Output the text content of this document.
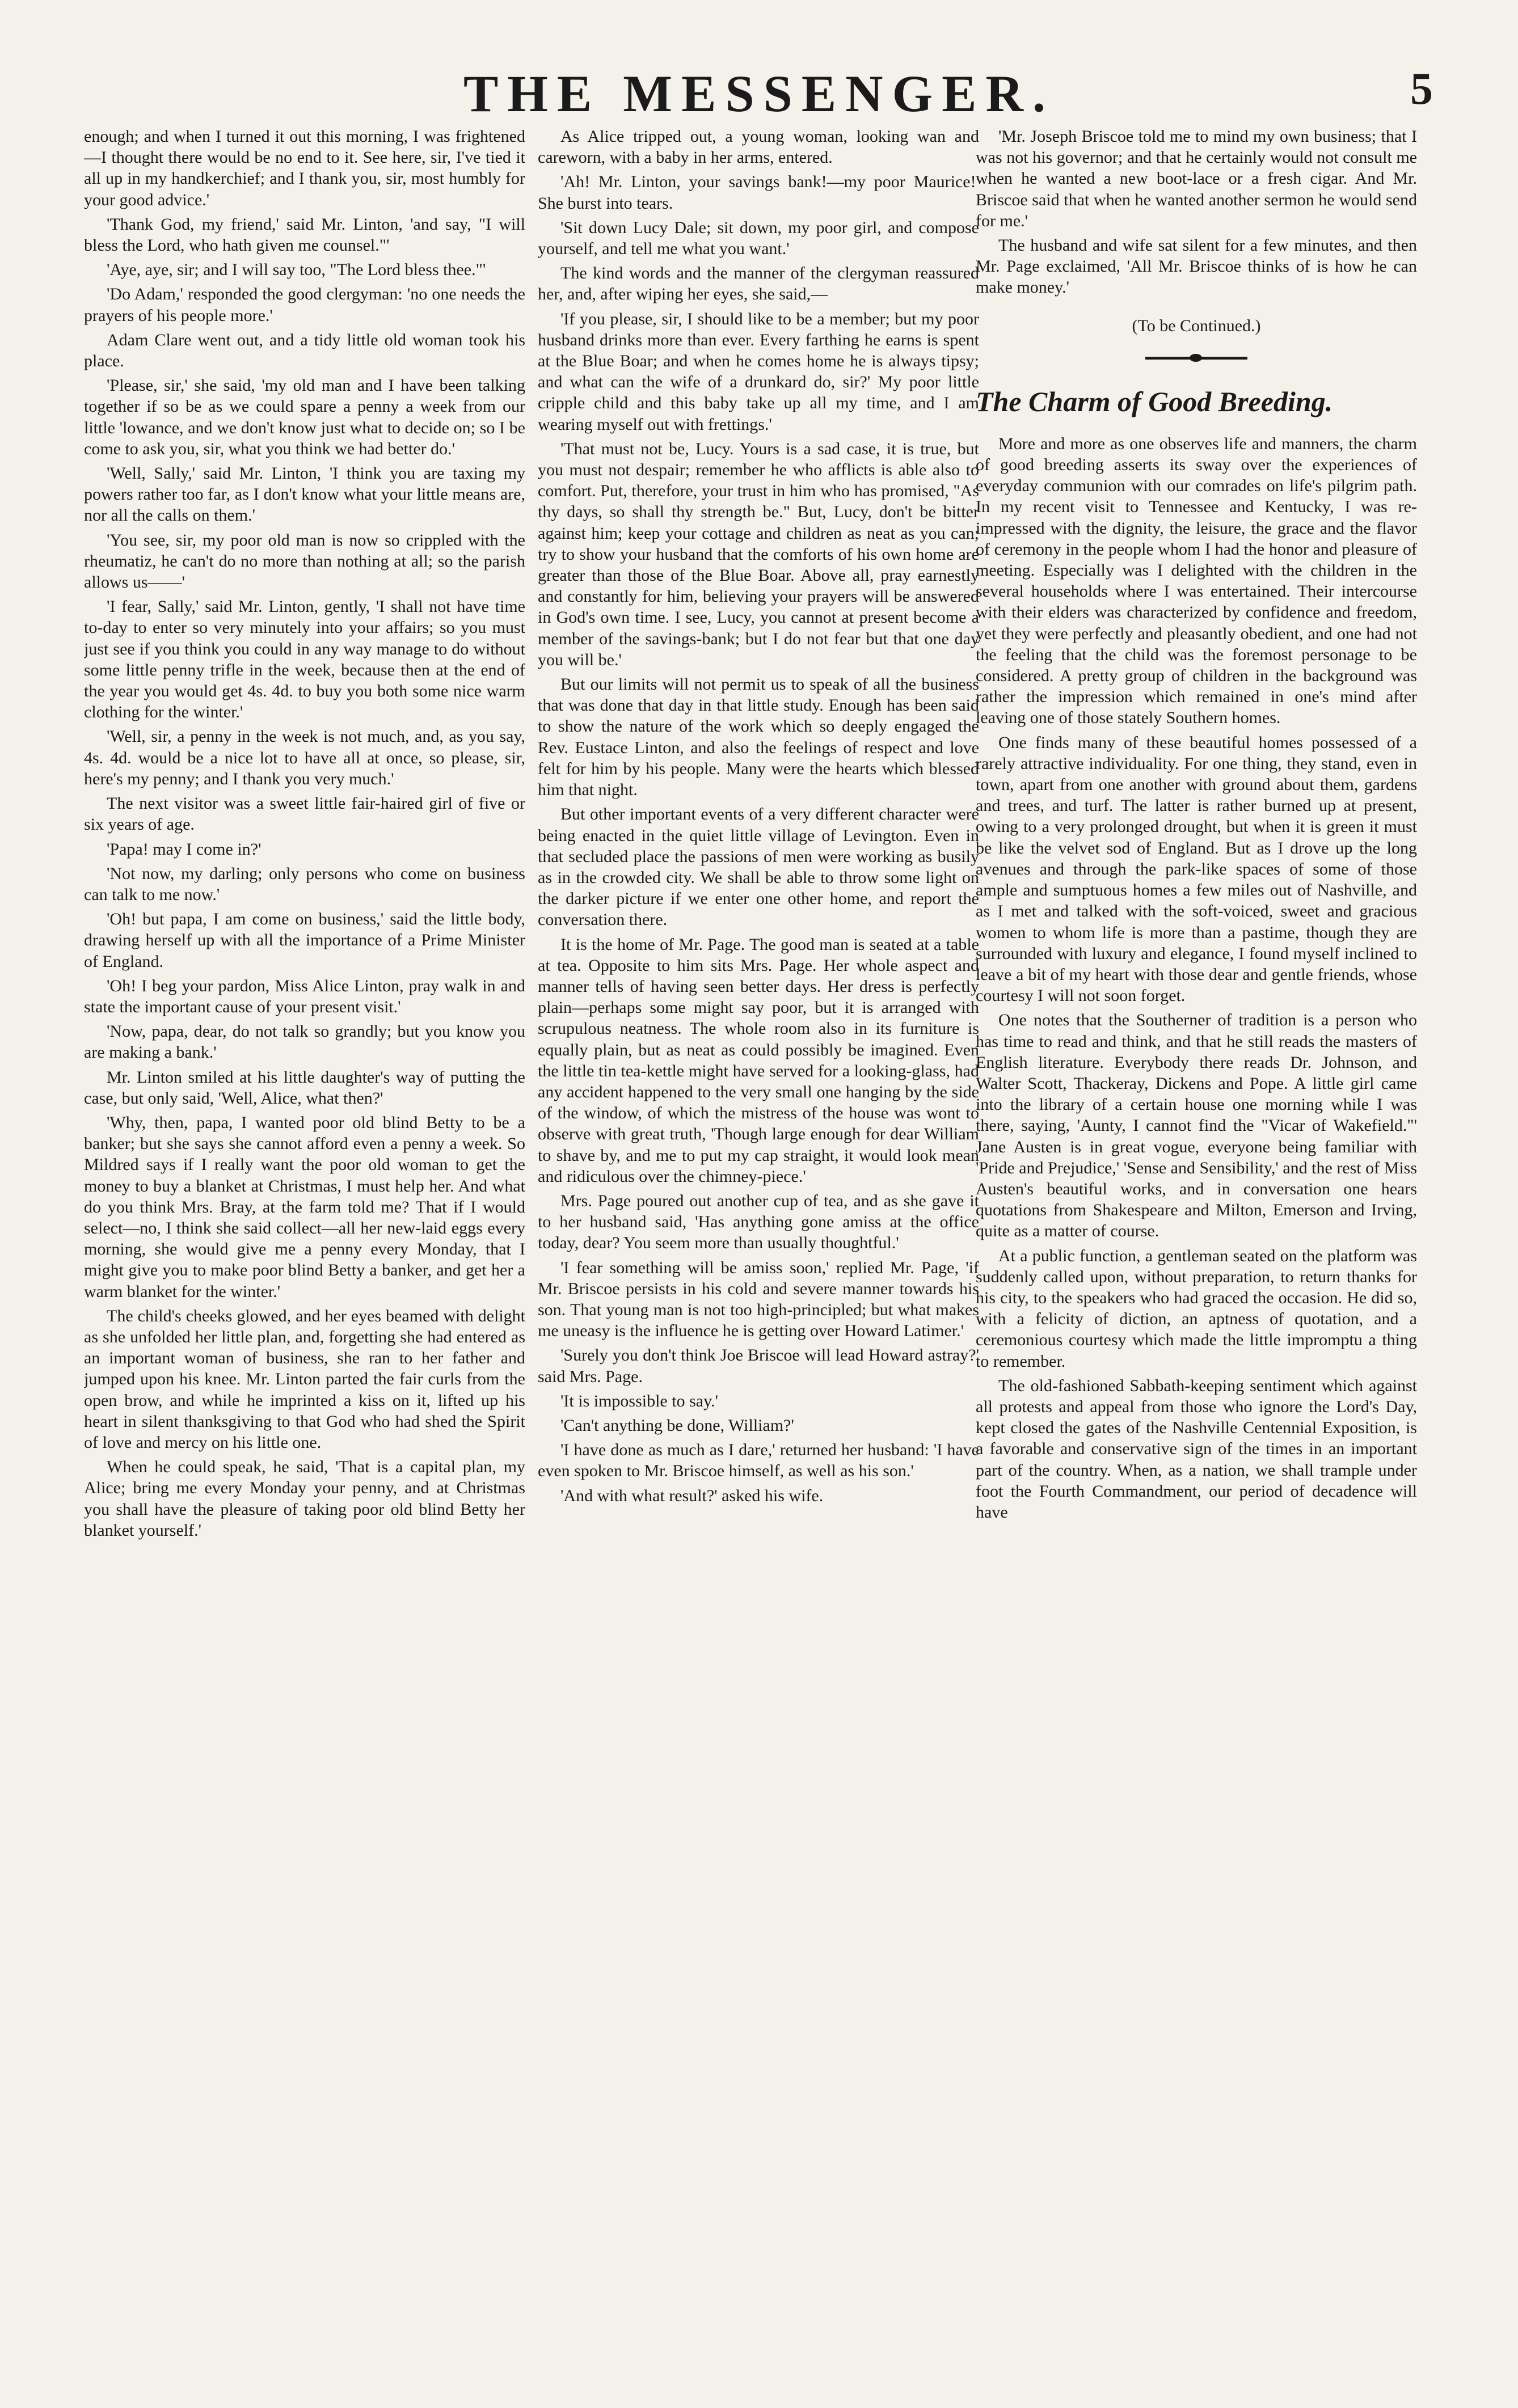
THE MESSENGER.	5

enough; and when I turned it out this morning, I was frightened—I thought there would be no end to it. See here, sir, I've tied it all up in my handkerchief; and I thank you, sir, most humbly for your good advice.'

'Thank God, my friend,' said Mr. Linton, 'and say, "I will bless the Lord, who hath given me counsel."'

'Aye, aye, sir; and I will say too, "The Lord bless thee."'

'Do Adam,' responded the good clergyman: 'no one needs the prayers of his people more.'

Adam Clare went out, and a tidy little old woman took his place.

'Please, sir,' she said, 'my old man and I have been talking together if so be as we could spare a penny a week from our little 'lowance, and we don't know just what to decide on; so I be come to ask you, sir, what you think we had better do.'

'Well, Sally,' said Mr. Linton, 'I think you are taxing my powers rather too far, as I don't know what your little means are, nor all the calls on them.'

'You see, sir, my poor old man is now so crippled with the rheumatiz, he can't do no more than nothing at all; so the parish allows us——'

'I fear, Sally,' said Mr. Linton, gently, 'I shall not have time to-day to enter so very minutely into your affairs; so you must just see if you think you could in any way manage to do without some little penny trifle in the week, because then at the end of the year you would get 4s. 4d. to buy you both some nice warm clothing for the winter.'

'Well, sir, a penny in the week is not much, and, as you say, 4s. 4d. would be a nice lot to have all at once, so please, sir, here's my penny; and I thank you very much.'

The next visitor was a sweet little fair-haired girl of five or six years of age.

'Papa! may I come in?'

'Not now, my darling; only persons who come on business can talk to me now.'

'Oh! but papa, I am come on business,' said the little body, drawing herself up with all the importance of a Prime Minister of England.

'Oh! I beg your pardon, Miss Alice Linton, pray walk in and state the important cause of your present visit.'

'Now, papa, dear, do not talk so grandly; but you know you are making a bank.'

Mr. Linton smiled at his little daughter's way of putting the case, but only said, 'Well, Alice, what then?'

'Why, then, papa, I wanted poor old blind Betty to be a banker; but she says she cannot afford even a penny a week. So Mildred says if I really want the poor old woman to get the money to buy a blanket at Christmas, I must help her. And what do you think Mrs. Bray, at the farm told me? That if I would select—no, I think she said collect—all her new-laid eggs every morning, she would give me a penny every Monday, that I might give you to make poor blind Betty a banker, and get her a warm blanket for the winter.'

The child's cheeks glowed, and her eyes beamed with delight as she unfolded her little plan, and, forgetting she had entered as an important woman of business, she ran to her father and jumped upon his knee. Mr. Linton parted the fair curls from the open brow, and while he imprinted a kiss on it, lifted up his heart in silent thanksgiving to that God who had shed the Spirit of love and mercy on his little one.

When he could speak, he said, 'That is a capital plan, my Alice; bring me every Monday your penny, and at Christmas you shall have the pleasure of taking poor old blind Betty her blanket yourself.'

As Alice tripped out, a young woman, looking wan and careworn, with a baby in her arms, entered.

'Ah! Mr. Linton, your savings bank!—my poor Maurice!' She burst into tears.

'Sit down Lucy Dale; sit down, my poor girl, and compose yourself, and tell me what you want.'

The kind words and the manner of the clergyman reassured her, and, after wiping her eyes, she said,—

'If you please, sir, I should like to be a member; but my poor husband drinks more than ever. Every farthing he earns is spent at the Blue Boar; and when he comes home he is always tipsy; and what can the wife of a drunkard do, sir?' My poor little cripple child and this baby take up all my time, and I am wearing myself out with frettings.'

'That must not be, Lucy. Yours is a sad case, it is true, but you must not despair; remember he who afflicts is able also to comfort. Put, therefore, your trust in him who has promised, "As thy days, so shall thy strength be." But, Lucy, don't be bitter against him; keep your cottage and children as neat as you can; try to show your husband that the comforts of his own home are greater than those of the Blue Boar. Above all, pray earnestly and constantly for him, believing your prayers will be answered in God's own time. I see, Lucy, you cannot at present become a member of the savings-bank; but I do not fear but that one day you will be.'

But our limits will not permit us to speak of all the business that was done that day in that little study. Enough has been said to show the nature of the work which so deeply engaged the Rev. Eustace Linton, and also the feelings of respect and love felt for him by his people. Many were the hearts which blessed him that night.

But other important events of a very different character were being enacted in the quiet little village of Levington. Even in that secluded place the passions of men were working as busily as in the crowded city. We shall be able to throw some light on the darker picture if we enter one other home, and report the conversation there.

It is the home of Mr. Page. The good man is seated at a table at tea. Opposite to him sits Mrs. Page. Her whole aspect and manner tells of having seen better days. Her dress is perfectly plain—perhaps some might say poor, but it is arranged with scrupulous neatness. The whole room also in its furniture is equally plain, but as neat as could possibly be imagined. Even the little tin tea-kettle might have served for a looking-glass, had any accident happened to the very small one hanging by the side of the window, of which the mistress of the house was wont to observe with great truth, 'Though large enough for dear William to shave by, and me to put my cap straight, it would look mean and ridiculous over the chimney-piece.'

Mrs. Page poured out another cup of tea, and as she gave it to her husband said, 'Has anything gone amiss at the office today, dear? You seem more than usually thoughtful.'

'I fear something will be amiss soon,' replied Mr. Page, 'if Mr. Briscoe persists in his cold and severe manner towards his son. That young man is not too high-principled; but what makes me uneasy is the influence he is getting over Howard Latimer.'

'Surely you don't think Joe Briscoe will lead Howard astray?' said Mrs. Page.

'It is impossible to say.'

'Can't anything be done, William?'

'I have done as much as I dare,' returned her husband: 'I have even spoken to Mr. Briscoe himself, as well as his son.'

'And with what result?' asked his wife.

'Mr. Joseph Briscoe told me to mind my own business; that I was not his governor; and that he certainly would not consult me when he wanted a new boot-lace or a fresh cigar. And Mr. Briscoe said that when he wanted another sermon he would send for me.'

The husband and wife sat silent for a few minutes, and then Mr. Page exclaimed, 'All Mr. Briscoe thinks of is how he can make money.'

(To be Continued.)

The Charm of Good Breeding.

More and more as one observes life and manners, the charm of good breeding asserts its sway over the experiences of everyday communion with our comrades on life's pilgrim path. In my recent visit to Tennessee and Kentucky, I was re-impressed with the dignity, the leisure, the grace and the flavor of ceremony in the people whom I had the honor and pleasure of meeting. Especially was I delighted with the children in the several households where I was entertained. Their intercourse with their elders was characterized by confidence and freedom, yet they were perfectly and pleasantly obedient, and one had not the feeling that the child was the foremost personage to be considered. A pretty group of children in the background was rather the impression which remained in one's mind after leaving one of those stately Southern homes.

One finds many of these beautiful homes possessed of a rarely attractive individuality. For one thing, they stand, even in town, apart from one another with ground about them, gardens and trees, and turf. The latter is rather burned up at present, owing to a very prolonged drought, but when it is green it must be like the velvet sod of England. But as I drove up the long avenues and through the park-like spaces of some of those ample and sumptuous homes a few miles out of Nashville, and as I met and talked with the soft-voiced, sweet and gracious women to whom life is more than a pastime, though they are surrounded with luxury and elegance, I found myself inclined to leave a bit of my heart with those dear and gentle friends, whose courtesy I will not soon forget.

One notes that the Southerner of tradition is a person who has time to read and think, and that he still reads the masters of English literature. Everybody there reads Dr. Johnson, and Walter Scott, Thackeray, Dickens and Pope. A little girl came into the library of a certain house one morning while I was there, saying, 'Aunty, I cannot find the "Vicar of Wakefield."' Jane Austen is in great vogue, everyone being familiar with 'Pride and Prejudice,' 'Sense and Sensibility,' and the rest of Miss Austen's beautiful works, and in conversation one hears quotations from Shakespeare and Milton, Emerson and Irving, quite as a matter of course.

At a public function, a gentleman seated on the platform was suddenly called upon, without preparation, to return thanks for his city, to the speakers who had graced the occasion. He did so, with a felicity of diction, an aptness of quotation, and a ceremonious courtesy which made the little impromptu a thing to remember.

The old-fashioned Sabbath-keeping sentiment which against all protests and appeal from those who ignore the Lord's Day, kept closed the gates of the Nashville Centennial Exposition, is a favorable and conservative sign of the times in an important part of the country. When, as a nation, we shall trample under foot the Fourth Commandment, our period of decadence will have
